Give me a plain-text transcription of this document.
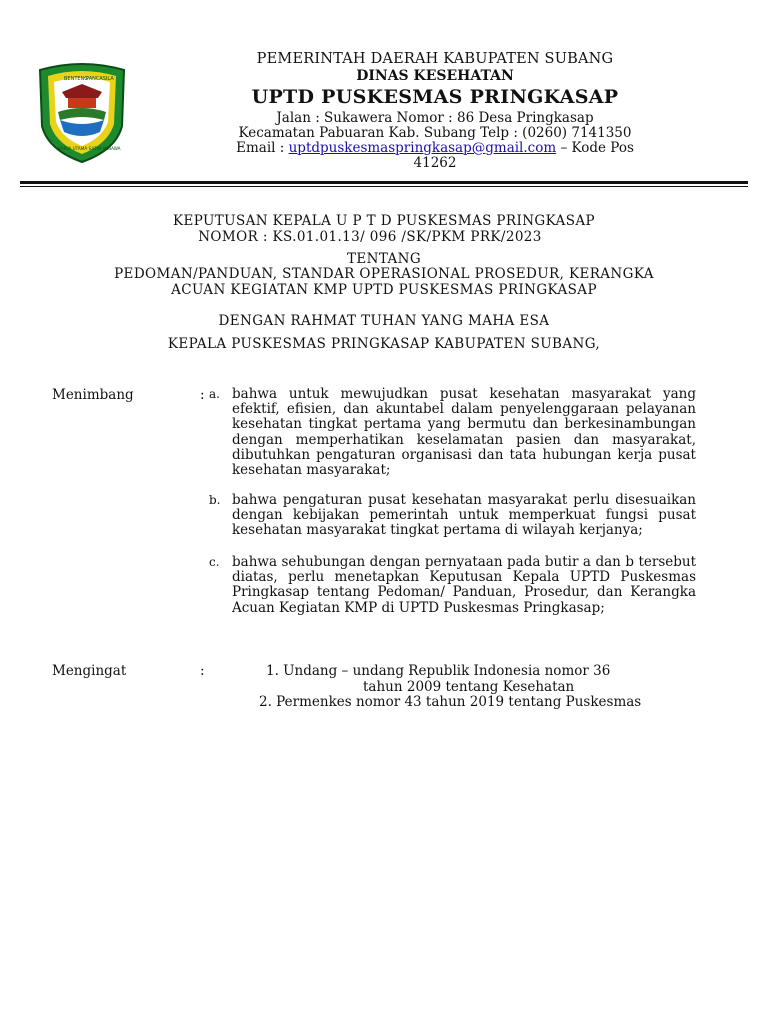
BENTENG
PANCASILA
KARYA UTAMA SATYA WIBAWA
PEMERINTAH DAERAH KABUPATEN SUBANG
DINAS KESEHATAN
UPTD PUSKESMAS PRINGKASAP
Jalan : Sukawera Nomor : 86 Desa Pringkasap
Kecamatan Pabuaran Kab. Subang Telp : (0260) 7141350
Email : uptdpuskesmaspringkasap@gmail.com – Kode Pos
41262
KEPUTUSAN KEPALA U P T D PUSKESMAS PRINGKASAP
NOMOR : KS.01.01.13/ 096 /SK/PKM PRK/2023
TENTANG
PEDOMAN/PANDUAN, STANDAR OPERASIONAL PROSEDUR, KERANGKA
ACUAN KEGIATAN KMP UPTD PUSKESMAS PRINGKASAP
DENGAN RAHMAT TUHAN YANG MAHA ESA
KEPALA PUSKESMAS PRINGKASAP KABUPATEN SUBANG,
Menimbang	: a. bahwa untuk mewujudkan pusat kesehatan masyarakat yang efektif, efisien, dan akuntabel dalam penyelenggaraan pelayanan kesehatan tingkat pertama yang bermutu dan berkesinambungan dengan memperhatikan keselamatan pasien dan masyarakat, dibutuhkan pengaturan organisasi dan tata hubungan kerja pusat kesehatan masyarakat;
b. bahwa pengaturan pusat kesehatan masyarakat perlu disesuaikan dengan kebijakan pemerintah untuk memperkuat fungsi pusat kesehatan masyarakat tingkat pertama di wilayah kerjanya;
c. bahwa sehubungan dengan pernyataan pada butir a dan b tersebut diatas, perlu menetapkan Keputusan Kepala UPTD Puskesmas Pringkasap tentang Pedoman/ Panduan, Prosedur, dan Kerangka Acuan Kegiatan KMP di UPTD Puskesmas Pringkasap;
Mengingat	:	1. Undang – undang Republik Indonesia nomor 36
tahun 2009 tentang Kesehatan
2. Permenkes nomor 43 tahun 2019 tentang Puskesmas
